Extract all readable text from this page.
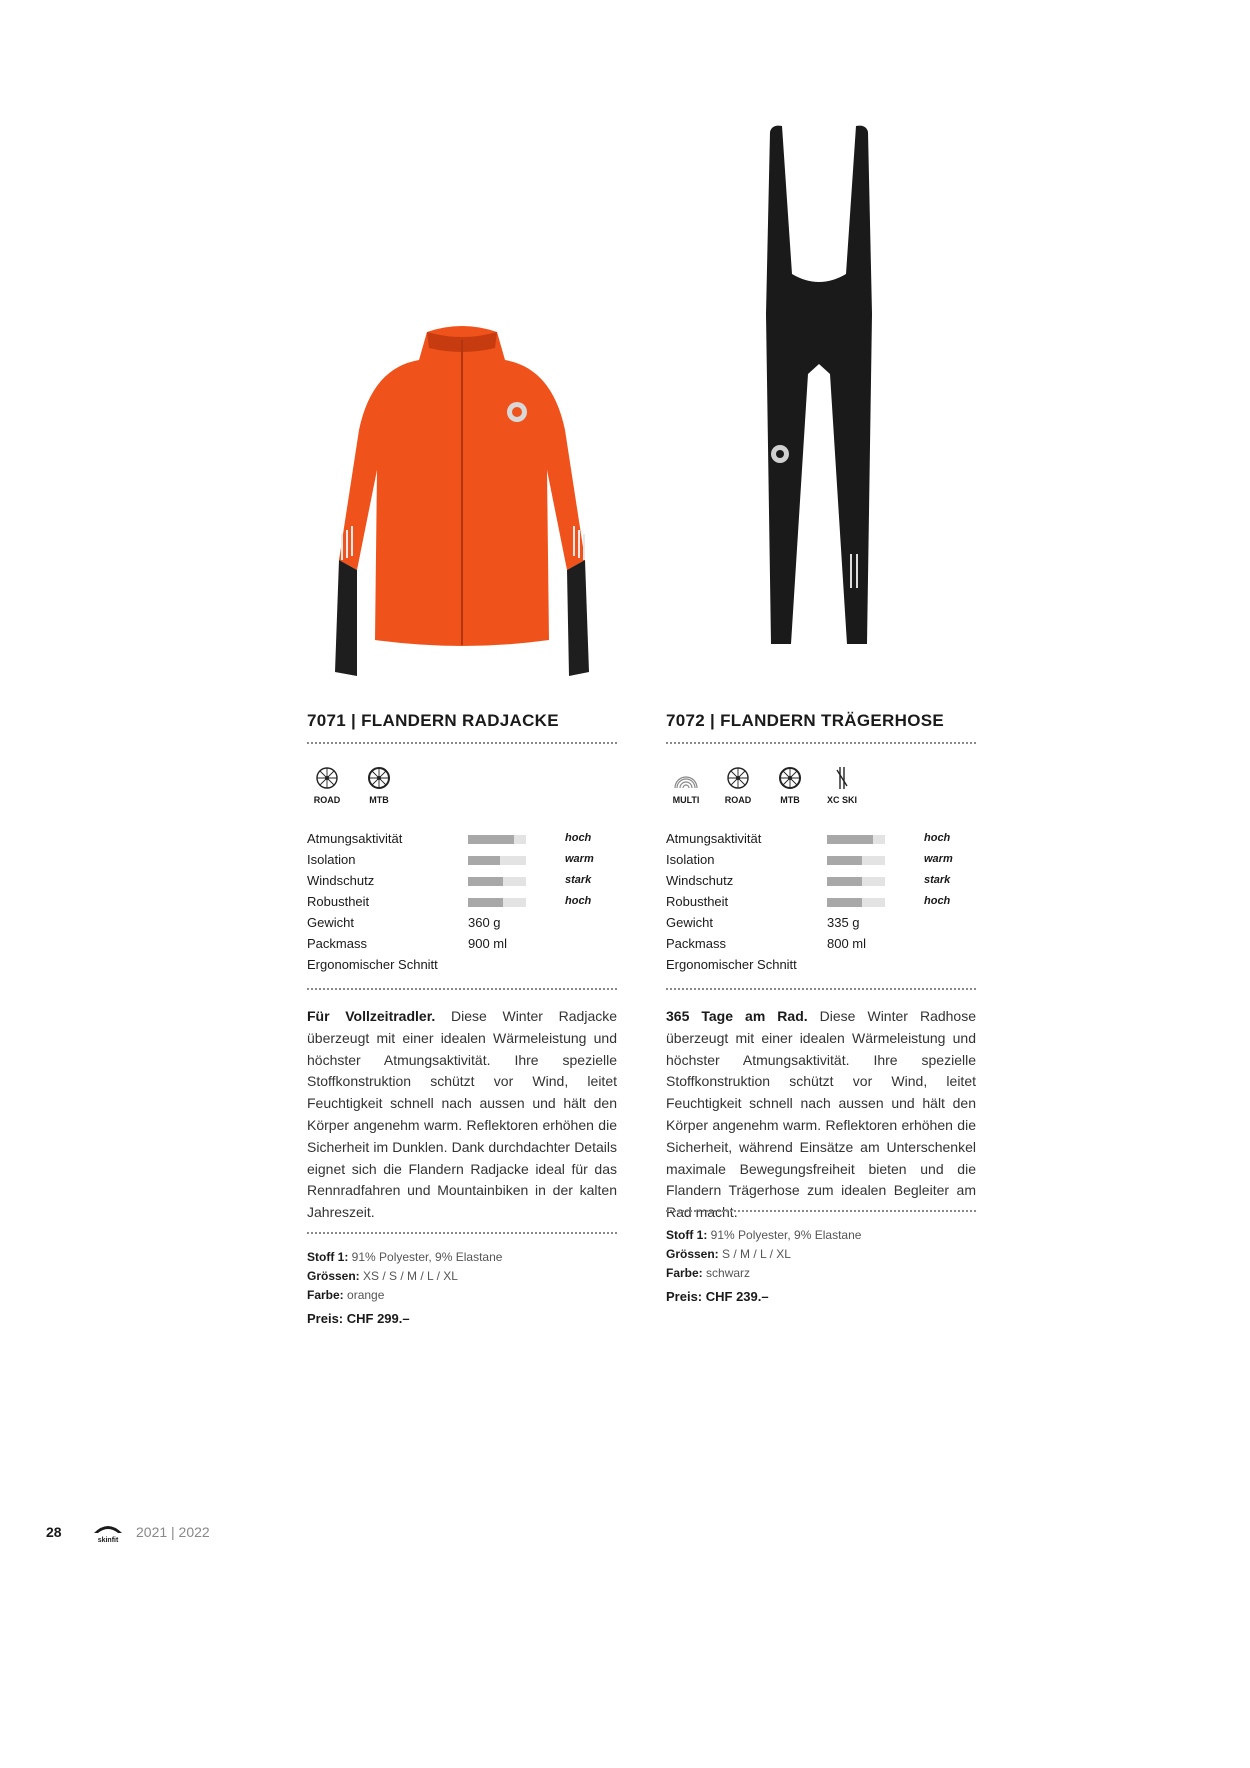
7071 | FLANDERN RADJACKE
ROAD	MTB
Atmungsaktivität	hoch
Isolation	warm
Windschutz	stark
Robustheit	hoch
Gewicht	360 g
Packmass	900 ml
Ergonomischer Schnitt

Für Vollzeitradler. Diese Winter Radjacke überzeugt mit einer idealen Wärmeleistung und höchster Atmungsaktivität. Ihre spezielle Stoffkonstruktion schützt vor Wind, leitet Feuchtigkeit schnell nach aussen und hält den Körper angenehm warm. Reflektoren erhöhen die Sicherheit im Dunklen. Dank durchdachter Details eignet sich die Flandern Radjacke ideal für das Rennradfahren und Mountainbiken in der kalten Jahreszeit.

Stoff 1: 91% Polyester, 9% Elastane
Grössen: XS / S / M / L / XL
Farbe: orange
Preis: CHF 299.–
7072 | FLANDERN TRÄGERHOSE
MULTI	ROAD	MTB	XC SKI
Atmungsaktivität	hoch
Isolation	warm
Windschutz	stark
Robustheit	hoch
Gewicht	335 g
Packmass	800 ml
Ergonomischer Schnitt

365 Tage am Rad. Diese Winter Radhose überzeugt mit einer idealen Wärmeleistung und höchster Atmungsaktivität. Ihre spezielle Stoffkonstruktion schützt vor Wind, leitet Feuchtigkeit schnell nach aussen und hält den Körper angenehm warm. Reflektoren erhöhen die Sicherheit, während Einsätze am Unterschenkel maximale Bewegungsfreiheit bieten und die Flandern Trägerhose zum idealen Begleiter am Rad macht.

Stoff 1: 91% Polyester, 9% Elastane
Grössen: S / M / L / XL
Farbe: schwarz
Preis: CHF 239.–
28
skinfit
2021 | 2022
